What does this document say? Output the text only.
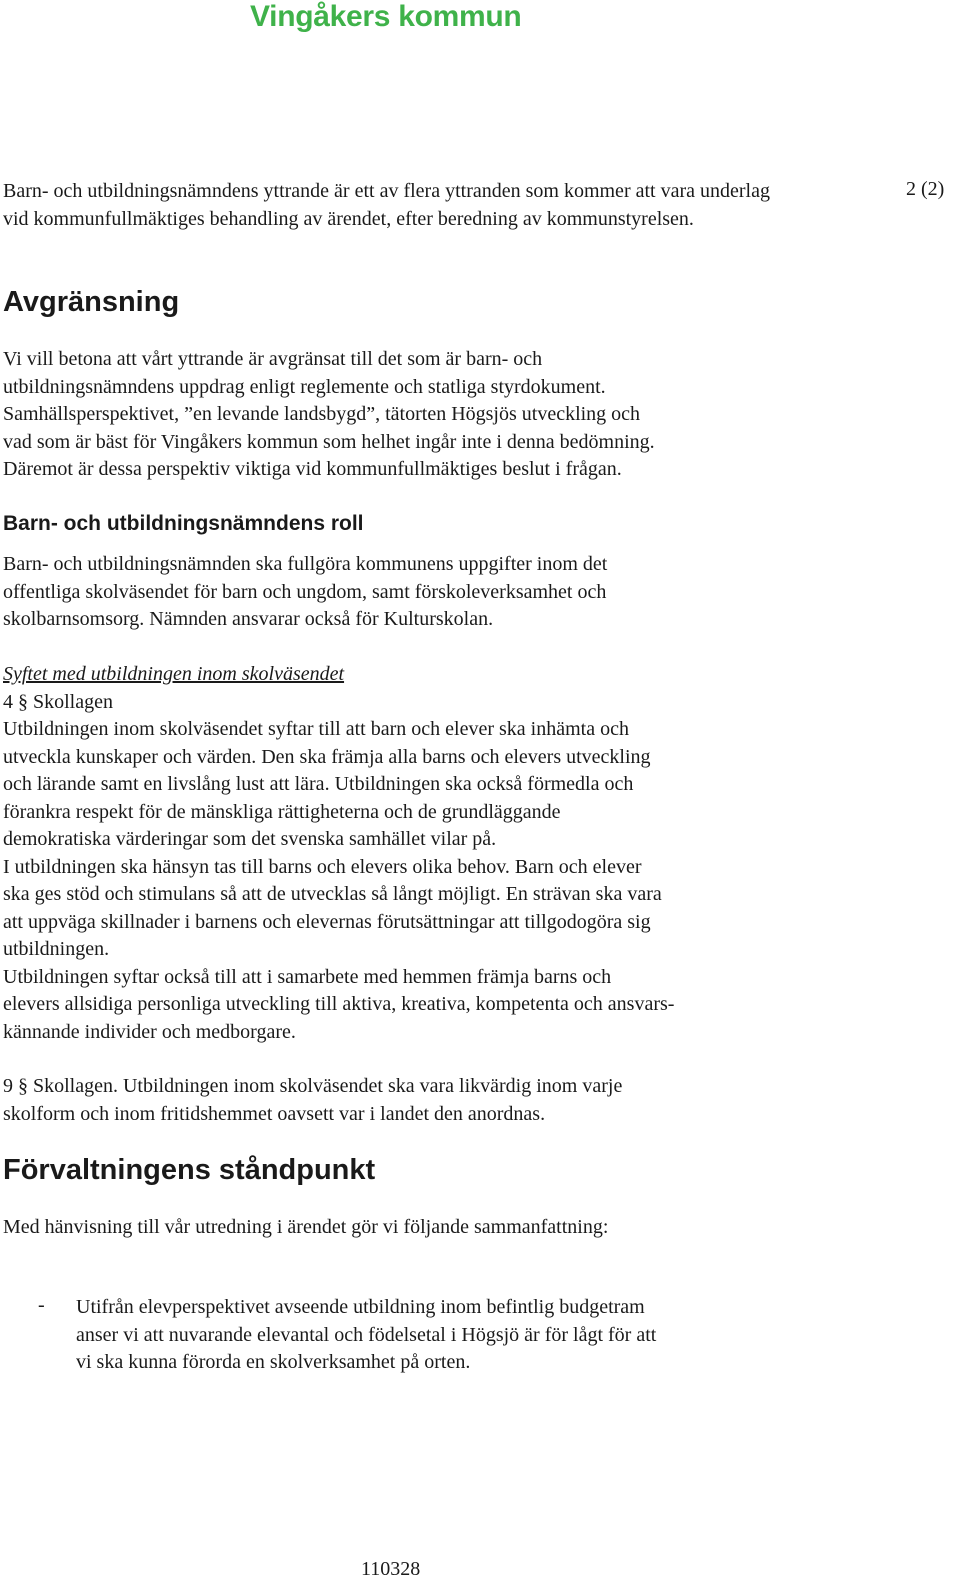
Vingåkers kommun
2 (2)
Barn- och utbildningsnämndens yttrande är ett av flera yttranden som kommer att vara underlag vid kommunfullmäktiges behandling av ärendet, efter beredning av kommunstyrelsen.
Avgränsning
Vi vill betona att vårt yttrande är avgränsat till det som är barn- och
utbildningsnämndens uppdrag enligt reglemente och statliga styrdokument.
Samhällsperspektivet, ”en levande landsbygd”, tätorten Högsjös utveckling och
vad som är bäst för Vingåkers kommun som helhet ingår inte i denna bedömning.
Däremot är dessa perspektiv viktiga vid kommunfullmäktiges beslut i frågan.
Barn- och utbildningsnämndens roll
Barn- och utbildningsnämnden ska fullgöra kommunens uppgifter inom det
offentliga skolväsendet för barn och ungdom, samt förskoleverksamhet och
skolbarnsomsorg. Nämnden ansvarar också för Kulturskolan.
Syftet med utbildningen inom skolväsendet
4 § Skollagen
Utbildningen inom skolväsendet syftar till att barn och elever ska inhämta och
utveckla kunskaper och värden. Den ska främja alla barns och elevers utveckling
och lärande samt en livslång lust att lära. Utbildningen ska också förmedla och
förankra respekt för de mänskliga rättigheterna och de grundläggande
demokratiska värderingar som det svenska samhället vilar på.
I utbildningen ska hänsyn tas till barns och elevers olika behov. Barn och elever
ska ges stöd och stimulans så att de utvecklas så långt möjligt. En strävan ska vara
att uppväga skillnader i barnens och elevernas förutsättningar att tillgodogöra sig
utbildningen.
Utbildningen syftar också till att i samarbete med hemmen främja barns och
elevers allsidiga personliga utveckling till aktiva, kreativa, kompetenta och ansvars-
kännande individer och medborgare.
9 § Skollagen. Utbildningen inom skolväsendet ska vara likvärdig inom varje
skolform och inom fritidshemmet oavsett var i landet den anordnas.
Förvaltningens ståndpunkt
Med hänvisning till vår utredning i ärendet gör vi följande sammanfattning:
- Utifrån elevperspektivet avseende utbildning inom befintlig budgetram
anser vi att nuvarande elevantal och födelsetal i Högsjö är för lågt för att
vi ska kunna förorda en skolverksamhet på orten.
110328
